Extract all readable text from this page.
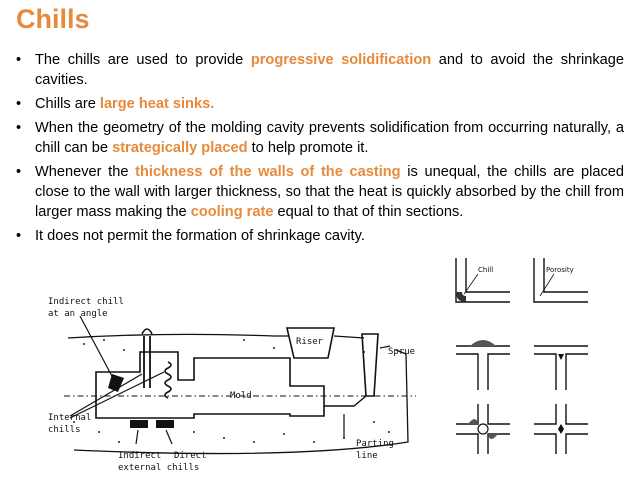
Chills
• The chills are used to provide progressive solidification and to avoid the shrinkage cavities.
• Chills are large heat sinks.
• When the geometry of the molding cavity prevents solidification from occurring naturally, a chill can be strategically placed to help promote it.
• Whenever the thickness of the walls of the casting is unequal, the chills are placed close to the wall with larger thickness, so that the heat is quickly absorbed by the chill from larger mass making the cooling rate equal to that of thin sections.
• It does not permit the formation of shrinkage cavity.
Indirect chill
at an angle
Riser
Sprue
Mold
Internal
chills
Indirect Direct
external chills
Parting
line
Chill	Porosity
